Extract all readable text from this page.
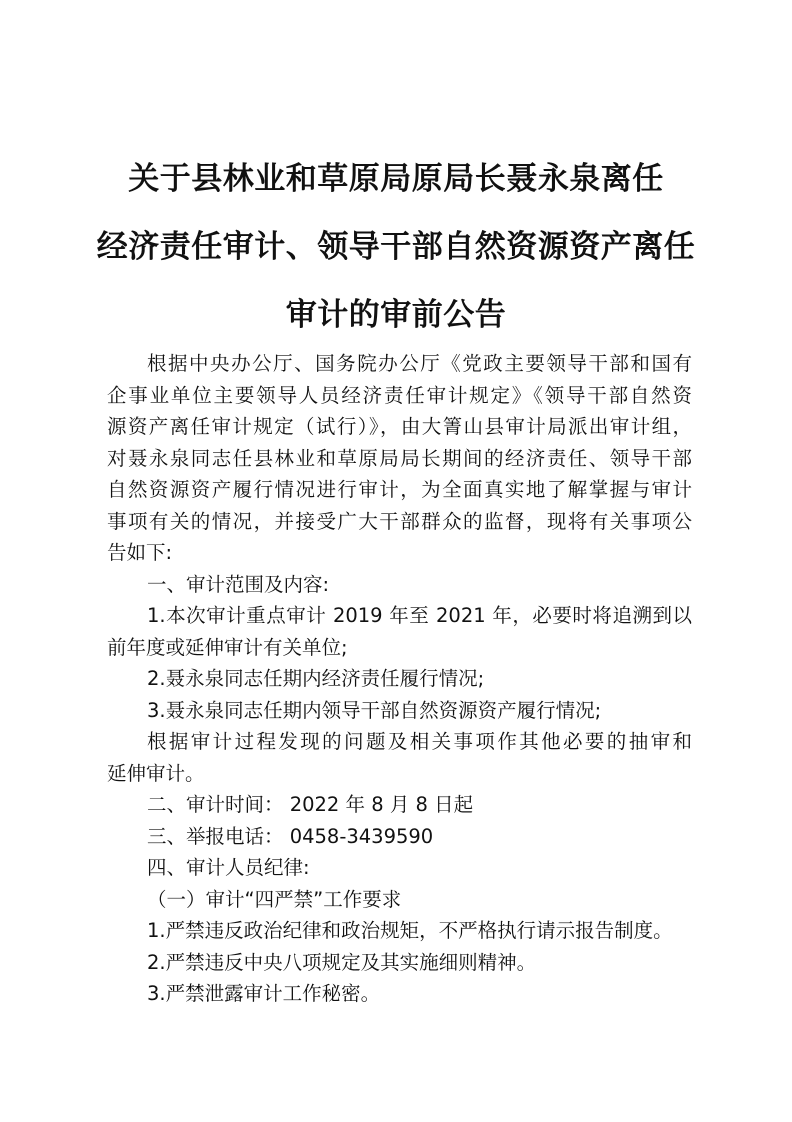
关于县林业和草原局原局长聂永泉离任
经济责任审计、领导干部自然资源资产离任
审计的审前公告
根据中央办公厅、国务院办公厅《党政主要领导干部和国有
企事业单位主要领导人员经济责任审计规定》《领导干部自然资
源资产离任审计规定（试行）》，由大箐山县审计局派出审计组，
对聂永泉同志任县林业和草原局局长期间的经济责任、领导干部
自然资源资产履行情况进行审计，为全面真实地了解掌握与审计
事项有关的情况，并接受广大干部群众的监督，现将有关事项公
告如下:
一、审计范围及内容:
1.本次审计重点审计 2019 年至 2021 年，必要时将追溯到以
前年度或延伸审计有关单位;
2.聂永泉同志任期内经济责任履行情况;
3.聂永泉同志任期内领导干部自然资源资产履行情况;
根据审计过程发现的问题及相关事项作其他必要的抽审和
延伸审计。
二、审计时间： 2022 年 8 月 8 日起
三、举报电话： 0458-3439590
四、审计人员纪律:
（一）审计“四严禁”工作要求
1.严禁违反政治纪律和政治规矩，不严格执行请示报告制度。
2.严禁违反中央八项规定及其实施细则精神。
3.严禁泄露审计工作秘密。
